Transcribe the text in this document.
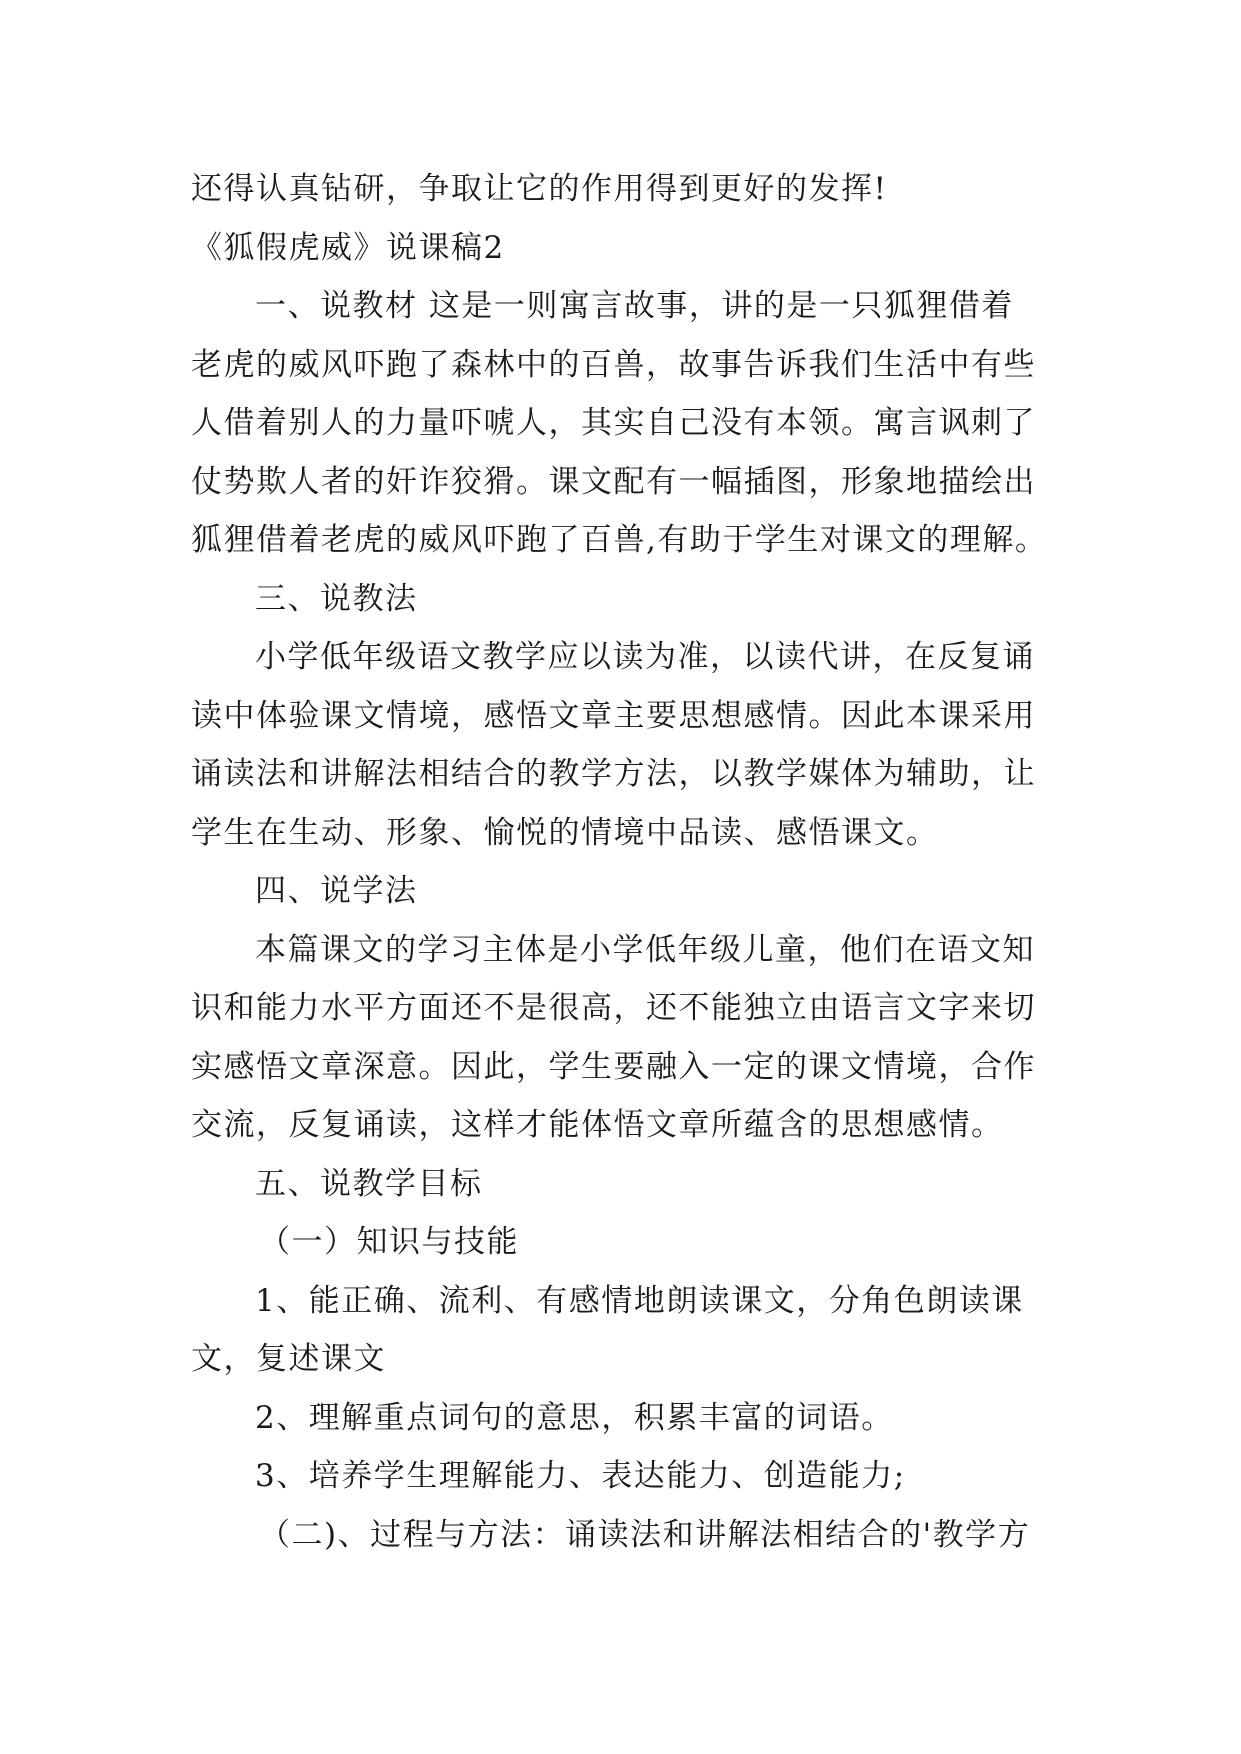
还得认真钻研，争取让它的作用得到更好的发挥!
《狐假虎威》说课稿2
一、说教材 这是一则寓言故事，讲的是一只狐狸借着
老虎的威风吓跑了森林中的百兽，故事告诉我们生活中有些
人借着别人的力量吓唬人，其实自己没有本领。寓言讽刺了
仗势欺人者的奸诈狡猾。课文配有一幅插图，形象地描绘出
狐狸借着老虎的威风吓跑了百兽,有助于学生对课文的理解。
三、说教法
小学低年级语文教学应以读为准，以读代讲，在反复诵
读中体验课文情境，感悟文章主要思想感情。因此本课采用
诵读法和讲解法相结合的教学方法，以教学媒体为辅助，让
学生在生动、形象、愉悦的情境中品读、感悟课文。
四、说学法
本篇课文的学习主体是小学低年级儿童，他们在语文知
识和能力水平方面还不是很高，还不能独立由语言文字来切
实感悟文章深意。因此，学生要融入一定的课文情境，合作
交流，反复诵读，这样才能体悟文章所蕴含的思想感情。
五、说教学目标
（一）知识与技能
1、能正确、流利、有感情地朗读课文，分角色朗读课
文，复述课文
2、理解重点词句的意思，积累丰富的词语。
3、培养学生理解能力、表达能力、创造能力;
（二)、过程与方法：诵读法和讲解法相结合的'教学方
